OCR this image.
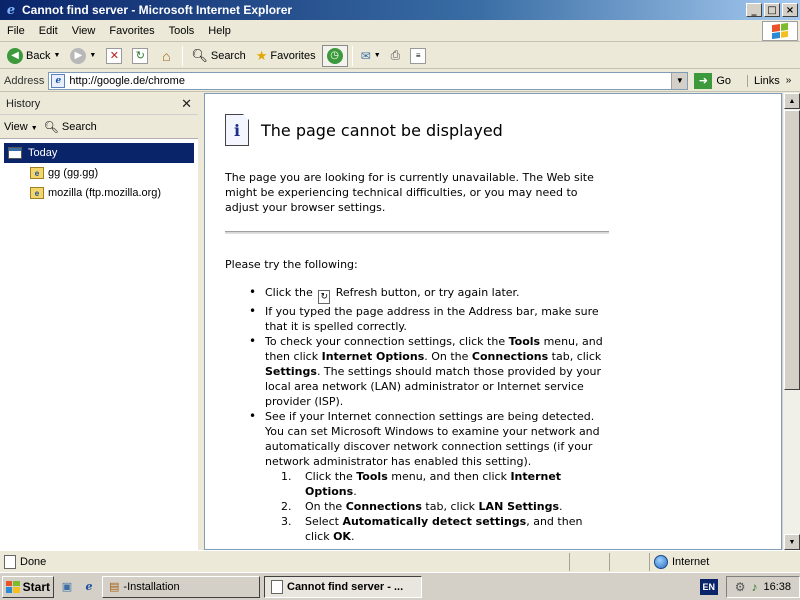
e Cannot find server - Microsoft Internet Explorer	_	□ ×
File	Edit	View	Favorites	Tools	Help
◀ Back ▼	▶	▼	✕	↻ ⌂ 🔍︎ Search ★ Favorites	◷	✉ ▼ ⎙	≡
Address	e
http://google.de/chrome	▼	➜ Go	Links »
History	✕
View ▼ 🔍︎ Search
Today
e gg (gg.gg)
e mozilla (ftp.mozilla.org)
i	The page cannot be displayed

The page you are looking for is currently unavailable. The Web site might be experiencing technical difficulties, or you may need to adjust your browser settings.

Please try the following:

• Click the ↻ Refresh button, or try again later.
• If you typed the page address in the Address bar, make sure that it is spelled correctly.
• To check your connection settings, click the Tools menu, and then click Internet Options. On the Connections tab, click Settings. The settings should match those provided by your local area network (LAN) administrator or Internet service provider (ISP).
• See if your Internet connection settings are being detected. You can set Microsoft Windows to examine your network and automatically discover network connection settings (if your network administrator has enabled this setting).
1. Click the Tools menu, and then click Internet Options.
2. On the Connections tab, click LAN Settings.
3. Select Automatically detect settings, and then click OK.
▲
▼
Done	Internet
Start	▣	e	▤ -Installation	Cannot find server - ...	EN ⚙ ♪ 16:38
